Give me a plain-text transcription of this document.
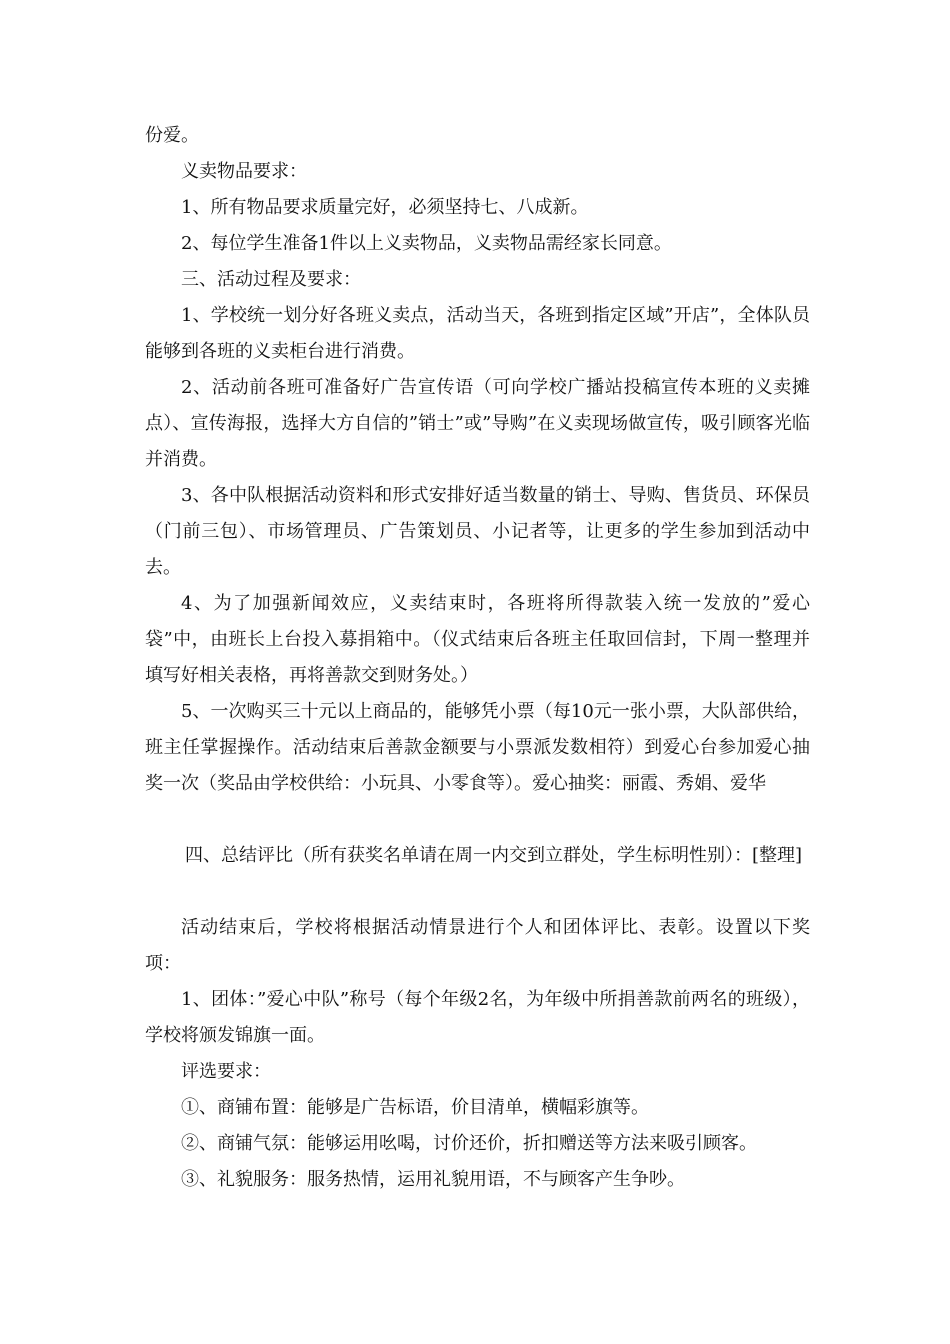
份爱。

义卖物品要求：

1、所有物品要求质量完好，必须坚持七、八成新。

2、每位学生准备1件以上义卖物品，义卖物品需经家长同意。

三、活动过程及要求：

1、学校统一划分好各班义卖点，活动当天，各班到指定区域”开店”，全体队员能够到各班的义卖柜台进行消费。

2、活动前各班可准备好广告宣传语（可向学校广播站投稿宣传本班的义卖摊点）、宣传海报，选择大方自信的”销士”或”导购”在义卖现场做宣传，吸引顾客光临并消费。

3、各中队根据活动资料和形式安排好适当数量的销士、导购、售货员、环保员（门前三包）、市场管理员、广告策划员、小记者等，让更多的学生参加到活动中去。

4、为了加强新闻效应，义卖结束时，各班将所得款装入统一发放的”爱心袋”中，由班长上台投入募捐箱中。（仪式结束后各班主任取回信封，下周一整理并填写好相关表格，再将善款交到财务处。）

5、一次购买三十元以上商品的，能够凭小票（每10元一张小票，大队部供给，班主任掌握操作。活动结束后善款金额要与小票派发数相符）到爱心台参加爱心抽奖一次（奖品由学校供给：小玩具、小零食等）。爱心抽奖：丽霞、秀娟、爱华

四、总结评比（所有获奖名单请在周一内交到立群处，学生标明性别）：[整理]

活动结束后，学校将根据活动情景进行个人和团体评比、表彰。设置以下奖项：

1、团体：”爱心中队”称号（每个年级2名，为年级中所捐善款前两名的班级），学校将颁发锦旗一面。

评选要求：

①、商铺布置：能够是广告标语，价目清单，横幅彩旗等。

②、商铺气氛：能够运用吆喝，讨价还价，折扣赠送等方法来吸引顾客。

③、礼貌服务：服务热情，运用礼貌用语，不与顾客产生争吵。
